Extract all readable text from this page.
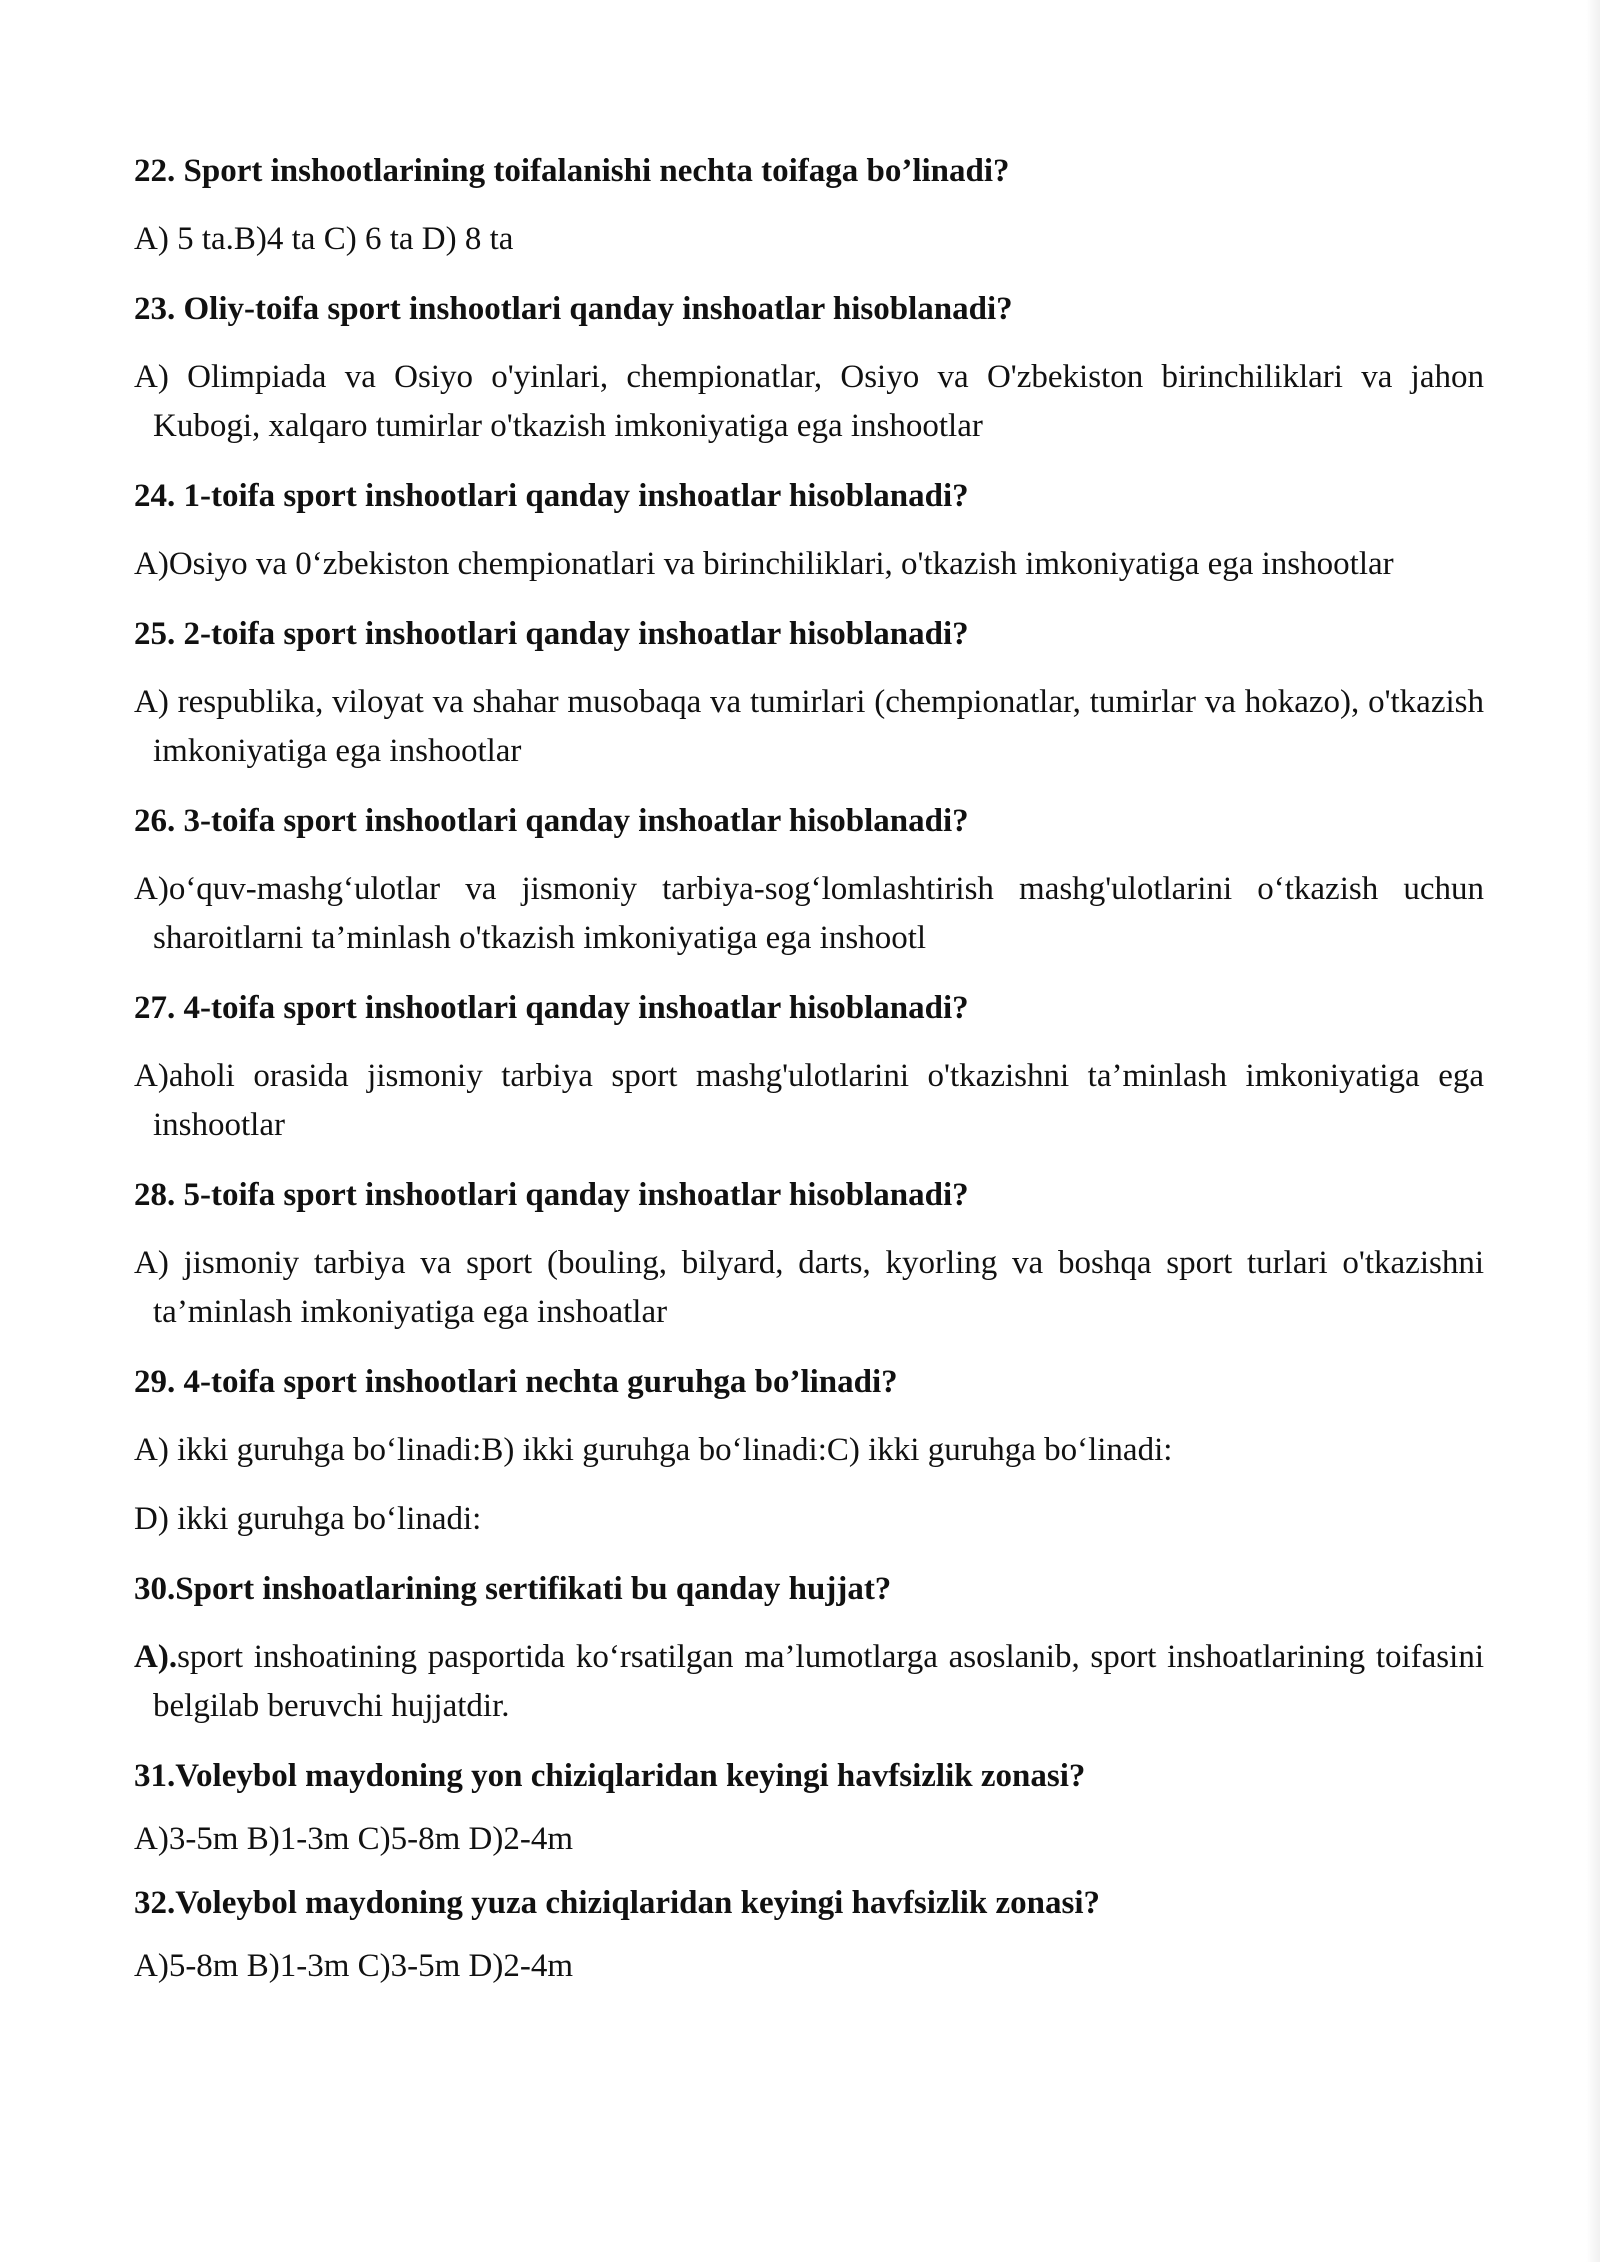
22. Sport inshootlarining toifalanishi nechta toifaga bo’linadi?

A) 5 ta.B)4 ta C) 6 ta D) 8 ta

23. Oliy-toifa sport inshootlari qanday inshoatlar hisoblanadi?

A) Olimpiada va Osiyo o'yinlari, chempionatlar, Osiyo va O'zbekiston birinchiliklari va jahon Kubogi, xalqaro tumirlar o'tkazish imkoniyatiga ega inshootlar

24. 1-toifa sport inshootlari qanday inshoatlar hisoblanadi?

A)Osiyo va 0‘zbekiston chempionatlari va birinchiliklari, o'tkazish imkoniyatiga ega inshootlar

25. 2-toifa sport inshootlari qanday inshoatlar hisoblanadi?

A) respublika, viloyat va shahar musobaqa va tumirlari (chempionatlar, tumirlar va hokazo), o'tkazish imkoniyatiga ega inshootlar

26. 3-toifa sport inshootlari qanday inshoatlar hisoblanadi?

A)o‘quv-mashg‘ulotlar va jismoniy tarbiya-sog‘lomlashtirish mashg'ulotlarini o‘tkazish uchun sharoitlarni ta’minlash o'tkazish imkoniyatiga ega inshootl

27. 4-toifa sport inshootlari qanday inshoatlar hisoblanadi?

A)aholi orasida jismoniy tarbiya sport mashg'ulotlarini o'tkazishni ta’minlash imkoniyatiga ega inshootlar

28. 5-toifa sport inshootlari qanday inshoatlar hisoblanadi?

A) jismoniy tarbiya va sport (bouling, bilyard, darts, kyorling va boshqa sport turlari o'tkazishni ta’minlash imkoniyatiga ega inshoatlar

29. 4-toifa sport inshootlari nechta guruhga bo’linadi?

A) ikki guruhga bo‘linadi:B) ikki guruhga bo‘linadi:C) ikki guruhga bo‘linadi:

D) ikki guruhga bo‘linadi:

30.Sport inshoatlarining sertifikati bu qanday hujjat?

A).sport inshoatining pasportida ko‘rsatilgan ma’lumotlarga asoslanib, sport inshoatlarining toifasini belgilab beruvchi hujjatdir.

31.Voleybol maydoning yon chiziqlaridan keyingi havfsizlik zonasi?

A)3-5m B)1-3m C)5-8m D)2-4m

32.Voleybol maydoning yuza chiziqlaridan keyingi havfsizlik zonasi?

A)5-8m B)1-3m C)3-5m D)2-4m
